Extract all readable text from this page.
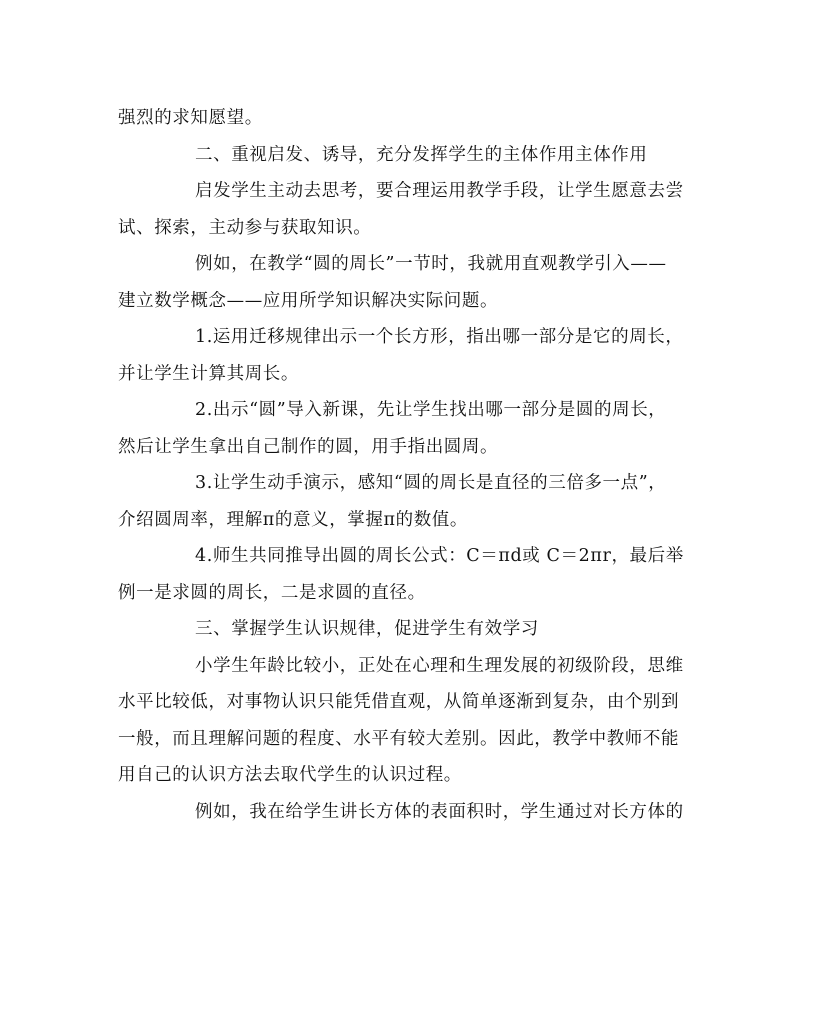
强烈的求知愿望。
二、重视启发、诱导，充分发挥学生的主体作用主体作用
启发学生主动去思考，要合理运用教学手段，让学生愿意去尝
试、探索，主动参与获取知识。
例如，在教学“圆的周长”一节时，我就用直观教学引入——
建立数学概念——应用所学知识解决实际问题。
1.运用迁移规律出示一个长方形，指出哪一部分是它的周长，
并让学生计算其周长。
2.出示“圆”导入新课，先让学生找出哪一部分是圆的周长，
然后让学生拿出自己制作的圆，用手指出圆周。
3.让学生动手演示，感知“圆的周长是直径的三倍多一点”，
介绍圆周率，理解π的意义，掌握π的数值。
4.师生共同推导出圆的周长公式：C＝πd或 C＝2πr，最后举
例一是求圆的周长，二是求圆的直径。
三、掌握学生认识规律，促进学生有效学习
小学生年龄比较小，正处在心理和生理发展的初级阶段，思维
水平比较低，对事物认识只能凭借直观，从简单逐渐到复杂，由个别到
一般，而且理解问题的程度、水平有较大差别。因此，教学中教师不能
用自己的认识方法去取代学生的认识过程。
例如，我在给学生讲长方体的表面积时，学生通过对长方体的
